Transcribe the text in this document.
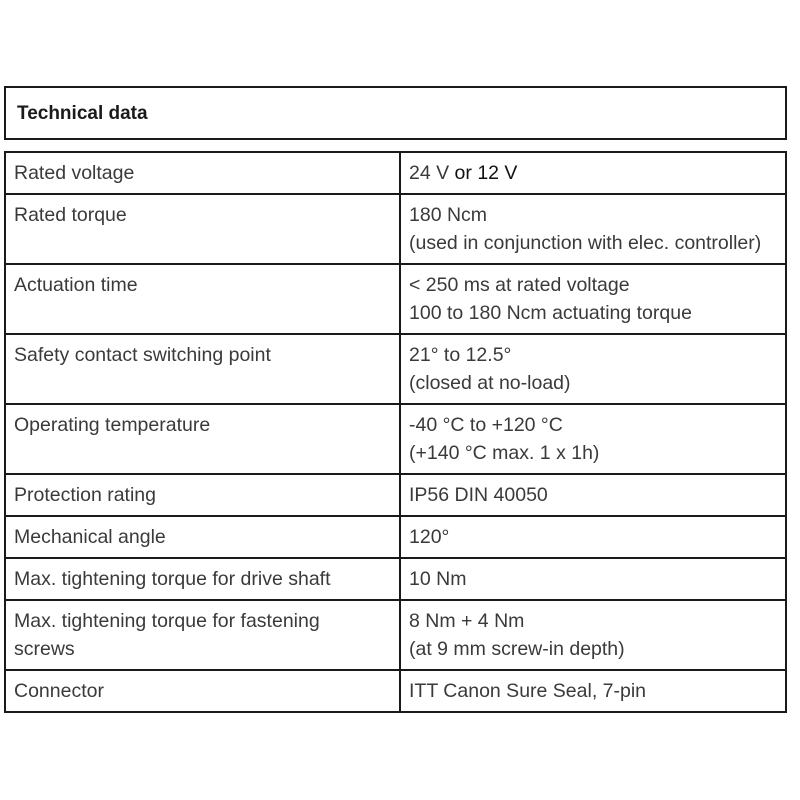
Technical data
Rated voltage	24 V or 12 V
Rated torque	180 Ncm
(used in conjunction with elec. controller)

Actuation time	< 250 ms at rated voltage
100 to 180 Ncm actuating torque

Safety contact switching point	21° to 12.5°
(closed at no-load)

Operating temperature	-40 °C to +120 °C
(+140 °C max. 1 x 1h)

Protection rating	IP56 DIN 40050

Mechanical angle	120°

Max. tightening torque for drive shaft	10 Nm

Max. tightening torque for fastening
screws	8 Nm + 4 Nm
(at 9 mm screw-in depth)

Connector	ITT Canon Sure Seal, 7-pin
